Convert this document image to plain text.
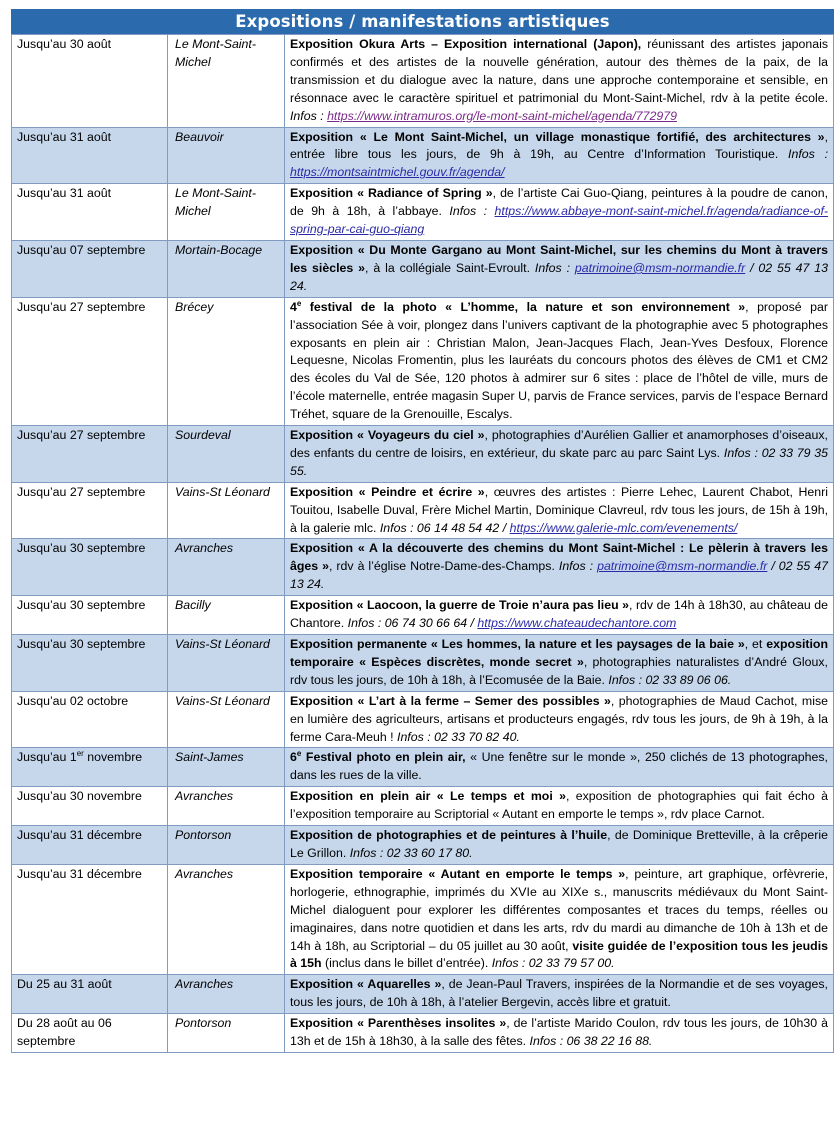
Expositions / manifestations artistiques
Jusqu’au 30 août	Le Mont-Saint-Michel	Exposition Okura Arts – Exposition international (Japon), réunissant des artistes japonais confirmés et des artistes de la nouvelle génération, autour des thèmes de la paix, de la transmission et du dialogue avec la nature, dans une approche contemporaine et sensible, en résonnace avec le caractère spirituel et patrimonial du Mont-Saint-Michel, rdv à la petite école. Infos : https://www.intramuros.org/le-mont-saint-michel/agenda/772979
Jusqu’au 31 août	Beauvoir	Exposition « Le Mont Saint-Michel, un village monastique fortifié, des architectures », entrée libre tous les jours, de 9h à 19h, au Centre d’Information Touristique. Infos : https://montsaintmichel.gouv.fr/agenda/
Jusqu’au 31 août	Le Mont-Saint-Michel	Exposition « Radiance of Spring », de l’artiste Cai Guo-Qiang, peintures à la poudre de canon, de 9h à 18h, à l’abbaye. Infos : https://www.abbaye-mont-saint-michel.fr/agenda/radiance-of-spring-par-cai-guo-qiang
Jusqu’au 07 septembre	Mortain-Bocage	Exposition « Du Monte Gargano au Mont Saint-Michel, sur les chemins du Mont à travers les siècles », à la collégiale Saint-Evroult. Infos : patrimoine@msm-normandie.fr / 02 55 47 13 24.
Jusqu’au 27 septembre	Brécey	4e festival de la photo « L’homme, la nature et son environnement », proposé par l’association Sée à voir, plongez dans l’univers captivant de la photographie avec 5 photographes exposants en plein air : Christian Malon, Jean-Jacques Flach, Jean-Yves Desfoux, Florence Lequesne, Nicolas Fromentin, plus les lauréats du concours photos des élèves de CM1 et CM2 des écoles du Val de Sée, 120 photos à admirer sur 6 sites : place de l’hôtel de ville, murs de l’école maternelle, entrée magasin Super U, parvis de France services, parvis de l’espace Bernard Tréhet, square de la Grenouille, Escalys.
Jusqu’au 27 septembre	Sourdeval	Exposition « Voyageurs du ciel », photographies d’Aurélien Gallier et anamorphoses d’oiseaux, des enfants du centre de loisirs, en extérieur, du skate parc au parc Saint Lys. Infos : 02 33 79 35 55.
Jusqu’au 27 septembre	Vains-St Léonard	Exposition « Peindre et écrire », œuvres des artistes : Pierre Lehec, Laurent Chabot, Henri Touitou, Isabelle Duval, Frère Michel Martin, Dominique Clavreul, rdv tous les jours, de 15h à 19h, à la galerie mlc. Infos : 06 14 48 54 42 / https://www.galerie-mlc.com/evenements/
Jusqu’au 30 septembre	Avranches	Exposition « A la découverte des chemins du Mont Saint-Michel : Le pèlerin à travers les âges », rdv à l’église Notre-Dame-des-Champs. Infos : patrimoine@msm-normandie.fr / 02 55 47 13 24.
Jusqu’au 30 septembre	Bacilly	Exposition « Laocoon, la guerre de Troie n’aura pas lieu », rdv de 14h à 18h30, au château de Chantore. Infos : 06 74 30 66 64 / https://www.chateaudechantore.com
Jusqu’au 30 septembre	Vains-St Léonard	Exposition permanente « Les hommes, la nature et les paysages de la baie », et exposition temporaire « Espèces discrètes, monde secret », photographies naturalistes d’André Gloux, rdv tous les jours, de 10h à 18h, à l’Ecomusée de la Baie. Infos : 02 33 89 06 06.
Jusqu’au 02 octobre	Vains-St Léonard	Exposition « L’art à la ferme – Semer des possibles », photographies de Maud Cachot, mise en lumière des agriculteurs, artisans et producteurs engagés, rdv tous les jours, de 9h à 19h, à la ferme Cara-Meuh ! Infos : 02 33 70 82 40.
Jusqu’au 1er novembre	Saint-James	6e Festival photo en plein air, « Une fenêtre sur le monde », 250 clichés de 13 photographes, dans les rues de la ville.
Jusqu’au 30 novembre	Avranches	Exposition en plein air « Le temps et moi », exposition de photographies qui fait écho à l’exposition temporaire au Scriptorial « Autant en emporte le temps », rdv place Carnot.
Jusqu’au 31 décembre	Pontorson	Exposition de photographies et de peintures à l’huile, de Dominique Bretteville, à la crêperie Le Grillon. Infos : 02 33 60 17 80.
Jusqu’au 31 décembre	Avranches	Exposition temporaire « Autant en emporte le temps », peinture, art graphique, orfèvrerie, horlogerie, ethnographie, imprimés du XVIe au XIXe s., manuscrits médiévaux du Mont Saint-Michel dialoguent pour explorer les différentes composantes et traces du temps, réelles ou imaginaires, dans notre quotidien et dans les arts, rdv du mardi au dimanche de 10h à 13h et de 14h à 18h, au Scriptorial – du 05 juillet au 30 août, visite guidée de l’exposition tous les jeudis à 15h (inclus dans le billet d’entrée). Infos : 02 33 79 57 00.
Du 25 au 31 août	Avranches	Exposition « Aquarelles », de Jean-Paul Travers, inspirées de la Normandie et de ses voyages, tous les jours, de 10h à 18h, à l’atelier Bergevin, accès libre et gratuit.
Du 28 août au 06 septembre	Pontorson	Exposition « Parenthèses insolites », de l’artiste Marido Coulon, rdv tous les jours, de 10h30 à 13h et de 15h à 18h30, à la salle des fêtes. Infos : 06 38 22 16 88.
